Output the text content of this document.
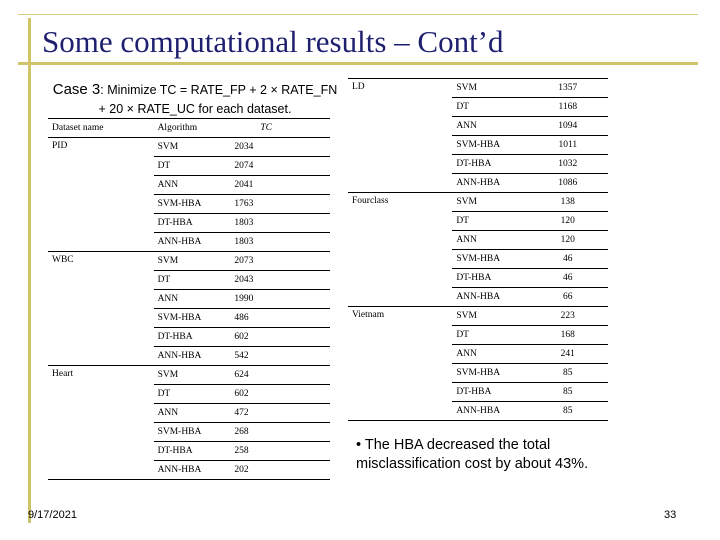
Some computational results – Cont’d
Case 3: Minimize TC = RATE_FP + 2 × RATE_FN + 20 × RATE_UC for each dataset.
Dataset name	Algorithm	TC
PID	SVM	2034
	DT	2074
	ANN	2041
	SVM-HBA	1763
	DT-HBA	1803
	ANN-HBA	1803
WBC	SVM	2073
	DT	2043
	ANN	1990
	SVM-HBA	486
	DT-HBA	602
	ANN-HBA	542
Heart	SVM	624
	DT	602
	ANN	472
	SVM-HBA	268
	DT-HBA	258
	ANN-HBA	202
LD	SVM	1357
	DT	1168
	ANN	1094
	SVM-HBA	1011
	DT-HBA	1032
	ANN-HBA	1086
Fourclass	SVM	138
	DT	120
	ANN	120
	SVM-HBA	46
	DT-HBA	46
	ANN-HBA	66
Vietnam	SVM	223
	DT	168
	ANN	241
	SVM-HBA	85
	DT-HBA	85
	ANN-HBA	85
• The HBA decreased the total misclassification cost by about 43%.
9/17/2021	33
